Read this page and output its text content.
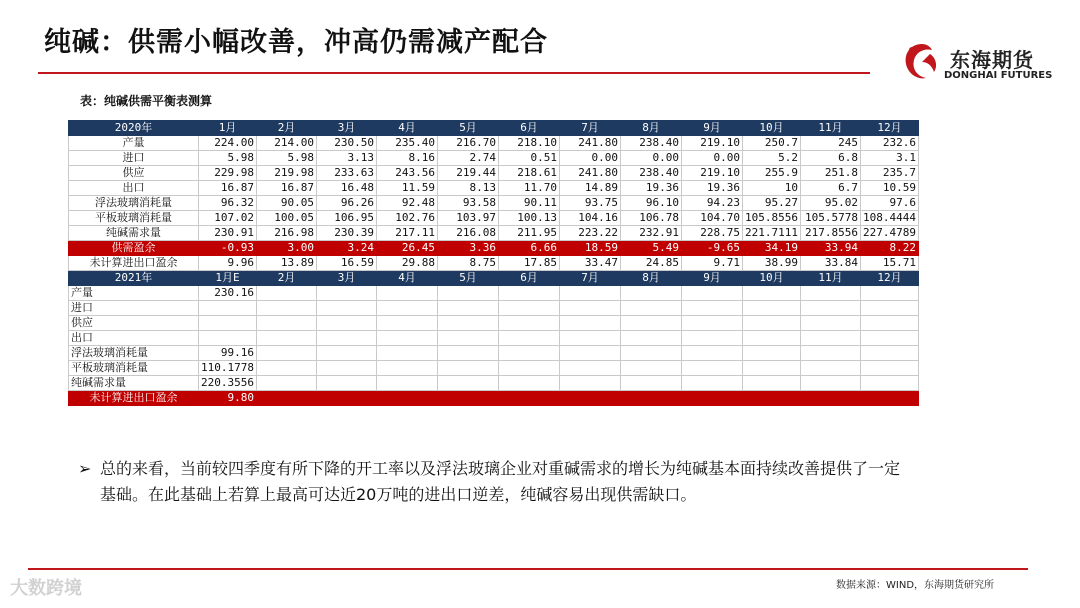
纯碱：供需小幅改善，冲高仍需减产配合
东海期货
DONGHAI FUTURES
表：纯碱供需平衡表测算
2020年	1月	2月	3月	4月	5月	6月	7月	8月	9月	10月	11月	12月
产量	224.00	214.00	230.50	235.40	216.70	218.10	241.80	238.40	219.10	250.7	245	232.6
进口	5.98	5.98	3.13	8.16	2.74	0.51	0.00	0.00	0.00	5.2	6.8	3.1
供应	229.98	219.98	233.63	243.56	219.44	218.61	241.80	238.40	219.10	255.9	251.8	235.7
出口	16.87	16.87	16.48	11.59	8.13	11.70	14.89	19.36	19.36	10	6.7	10.59
浮法玻璃消耗量	96.32	90.05	96.26	92.48	93.58	90.11	93.75	96.10	94.23	95.27	95.02	97.6
平板玻璃消耗量	107.02	100.05	106.95	102.76	103.97	100.13	104.16	106.78	104.70	105.8556	105.5778	108.4444
纯碱需求量	230.91	216.98	230.39	217.11	216.08	211.95	223.22	232.91	228.75	221.7111	217.8556	227.4789
供需盈余	-0.93	3.00	3.24	26.45	3.36	6.66	18.59	5.49	-9.65	34.19	33.94	8.22
未计算进出口盈余	9.96	13.89	16.59	29.88	8.75	17.85	33.47	24.85	9.71	38.99	33.84	15.71
2021年	1月E	2月	3月	4月	5月	6月	7月	8月	9月	10月	11月	12月
产量	230.16											
进口												
供应												
出口												
浮法玻璃消耗量	99.16											
平板玻璃消耗量	110.1778											
纯碱需求量	220.3556											
未计算进出口盈余	9.80											
➢ 总的来看，当前较四季度有所下降的开工率以及浮法玻璃企业对重碱需求的增长为纯碱基本面持续改善提供了一定基础。在此基础上若算上最高可达近20万吨的进出口逆差，纯碱容易出现供需缺口。
数据来源：WIND，东海期货研究所
大数跨境
